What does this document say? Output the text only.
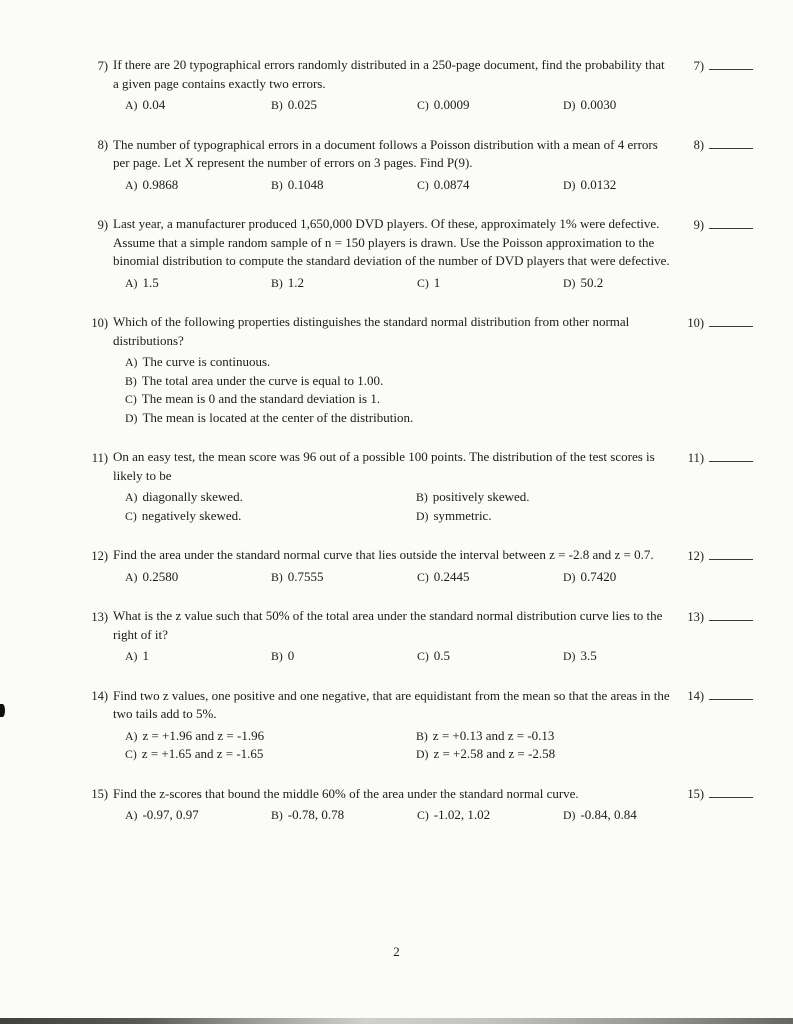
7) If there are 20 typographical errors randomly distributed in a 250-page document, find the probability that a given page contains exactly two errors.
A) 0.04	B) 0.025	C) 0.0009	D) 0.0030
7)
8) The number of typographical errors in a document follows a Poisson distribution with a mean of 4 errors per page. Let X represent the number of errors on 3 pages. Find P(9).
A) 0.9868	B) 0.1048	C) 0.0874	D) 0.0132
8)
9) Last year, a manufacturer produced 1,650,000 DVD players. Of these, approximately 1% were defective. Assume that a simple random sample of n = 150 players is drawn. Use the Poisson approximation to the binomial distribution to compute the standard deviation of the number of DVD players that were defective.
A) 1.5	B) 1.2	C) 1	D) 50.2
9)
10) Which of the following properties distinguishes the standard normal distribution from other normal distributions?
A) The curve is continuous.
B) The total area under the curve is equal to 1.00.
C) The mean is 0 and the standard deviation is 1.
D) The mean is located at the center of the distribution.
10)
11) On an easy test, the mean score was 96 out of a possible 100 points. The distribution of the test scores is likely to be
A) diagonally skewed.	B) positively skewed.
C) negatively skewed.	D) symmetric.
11)
12) Find the area under the standard normal curve that lies outside the interval between z = -2.8 and z = 0.7.
A) 0.2580	B) 0.7555	C) 0.2445	D) 0.7420
12)
13) What is the z value such that 50% of the total area under the standard normal distribution curve lies to the right of it?
A) 1	B) 0	C) 0.5	D) 3.5
13)
14) Find two z values, one positive and one negative, that are equidistant from the mean so that the areas in the two tails add to 5%.
A) z = +1.96 and z = -1.96	B) z = +0.13 and z = -0.13
C) z = +1.65 and z = -1.65	D) z = +2.58 and z = -2.58
14)
15) Find the z-scores that bound the middle 60% of the area under the standard normal curve.
A) -0.97, 0.97	B) -0.78, 0.78	C) -1.02, 1.02	D) -0.84, 0.84
15)
2
